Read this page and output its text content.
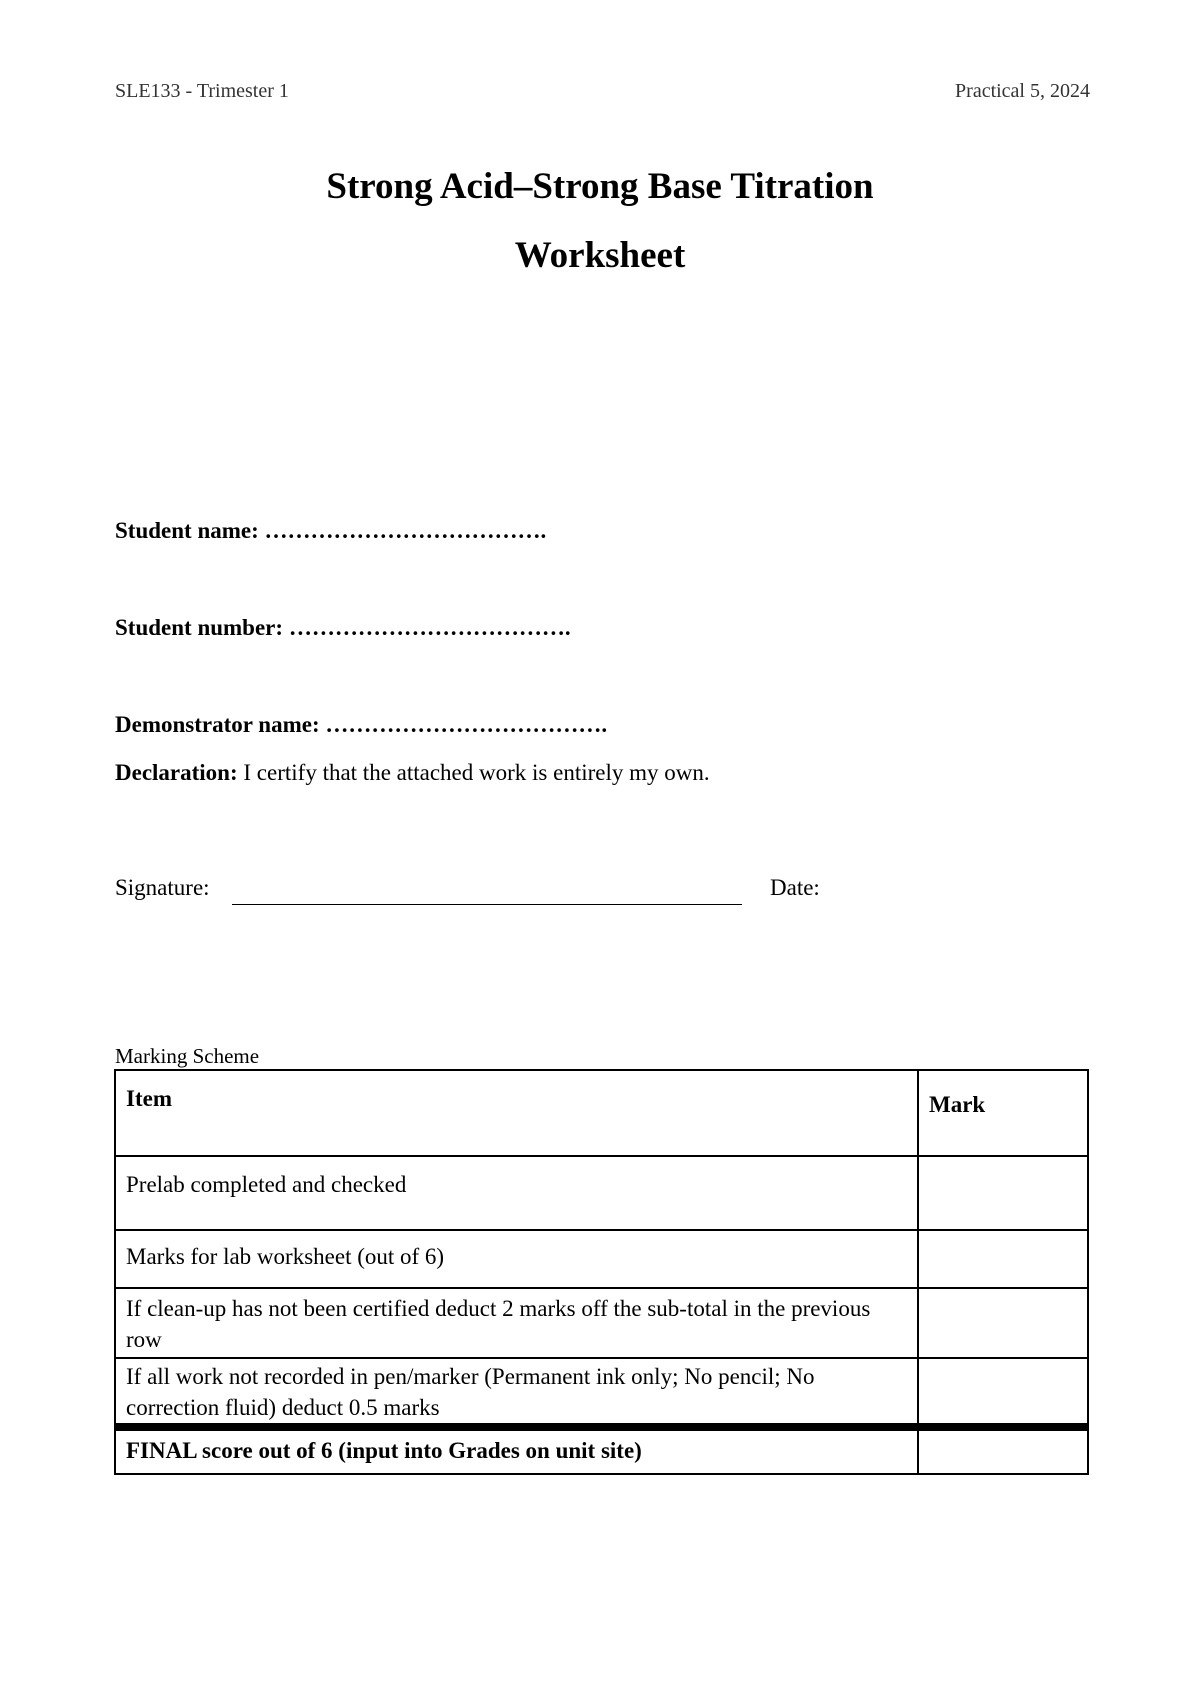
SLE133 - Trimester 1	Practical 5, 2024
Strong Acid–Strong Base Titration
Worksheet
Student name: ……………………………….
Student number: ……………………………….
Demonstrator name: ……………………………….
Declaration: I certify that the attached work is entirely my own.
Signature:	Date:
Marking Scheme
Item	Mark
Prelab completed and checked	
Marks for lab worksheet (out of 6)	
If clean-up has not been certified deduct 2 marks off the sub-total in the previous row	
If all work not recorded in pen/marker (Permanent ink only; No pencil; No correction fluid) deduct 0.5 marks	
FINAL score out of 6 (input into Grades on unit site)	
